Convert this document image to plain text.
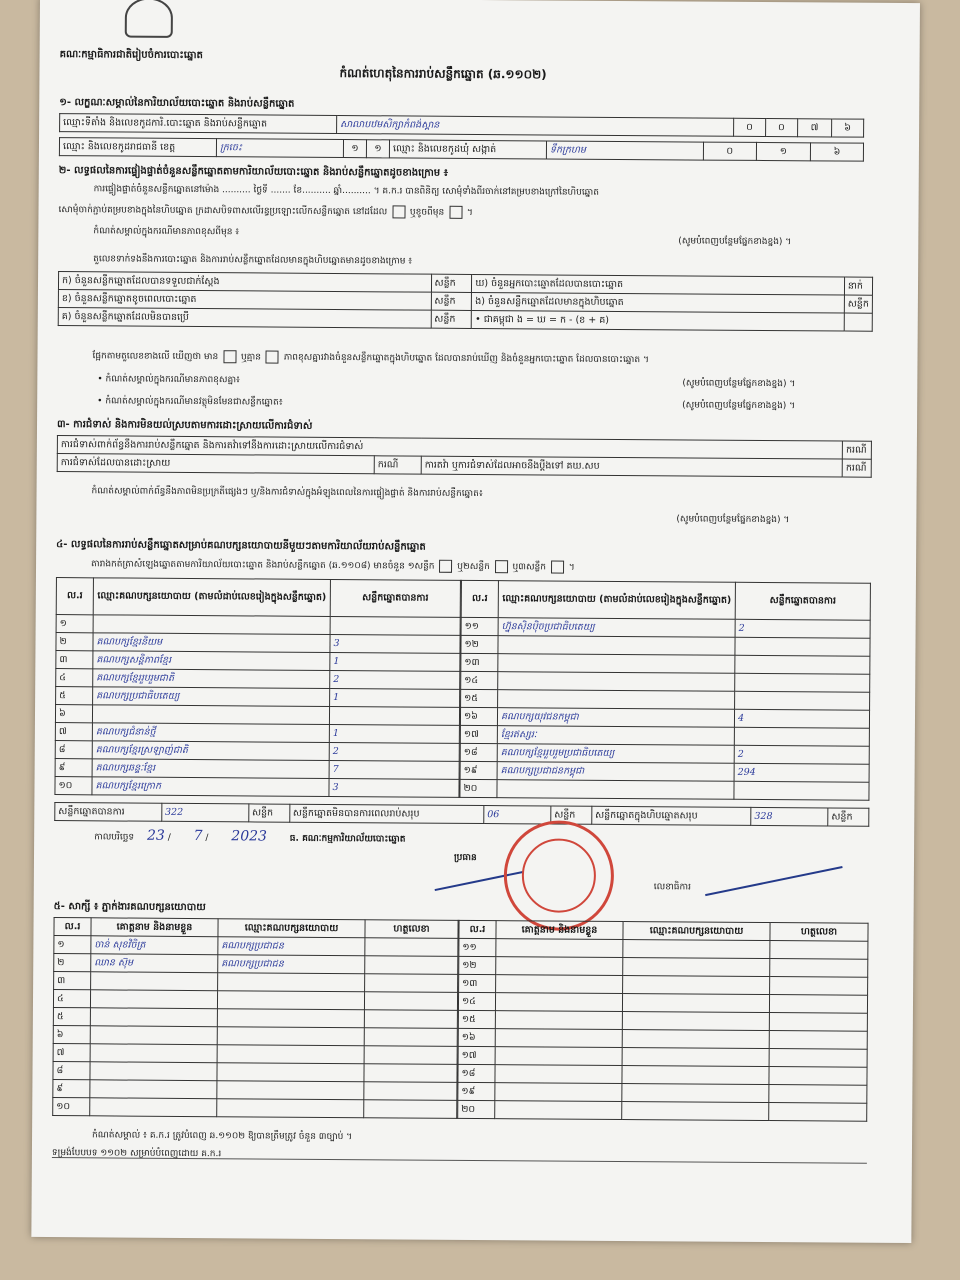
គណៈកម្មាធិការជាតិរៀបចំការបោះឆ្នោត
កំណត់ហេតុនៃការរាប់សន្លឹកឆ្នោត (ឆ.១១០២)
១- លក្ខណៈសម្គាល់នៃការិយាល័យបោះឆ្នោត និងរាប់សន្លឹកឆ្នោត
ឈ្មោះទីតាំង និងលេខកូដការិ.បោះឆ្នោត និងរាប់សន្លឹកឆ្នោត	សាលាបឋមសិក្សាកំពង់ស្ពាន	០	០	៧	៦
ឈ្មោះ និងលេខកូដរាជធានី ខេត្ត	ក្រចេះ	១	១	ឈ្មោះ និងលេខកូដឃុំ សង្កាត់	ទឹកក្រហម	០	១	៦
២- លទ្ធផលនៃការផ្ទៀងផ្ទាត់ចំនួនសន្លឹកឆ្នោតតាមការិយាល័យបោះឆ្នោត និងរាប់សន្លឹកឆ្នោតដូចខាងក្រោម ៖
ការផ្ទៀងផ្ទាត់ចំនួនសន្លឹកឆ្នោតនៅម៉ោង .......... ថ្ងៃទី ....... ខែ.......... ឆ្នាំ.......... ។ គ.ក.រ បានពិនិត្យ សោមុំទាំងពីរចាក់នៅគម្របខាងក្រៅនៃហិបឆ្នោត
សោមុំចាក់ភ្ជាប់គម្របខាងក្នុងនៃហិបឆ្នោត ក្រដាសបិទពាសលើរន្ធប្រឡោះលើកសន្លឹកឆ្នោត នៅដដែល	ឬខូចពីមុន  ។
កំណត់សម្គាល់ក្នុងករណីមានភាពខុសពីមុន ៖
(សូមបំពេញបន្ថែមផ្នែកខាងខ្នង) ។
តួលេខទាក់ទងនឹងការបោះឆ្នោត និងការរាប់សន្លឹកឆ្នោតដែលមានក្នុងហិបឆ្នោតមានដូចខាងក្រោម ៖
ក) ចំនួនសន្លឹកឆ្នោតដែលបានទទួលជាក់ស្តែង	សន្លឹក	ឃ) ចំនួនអ្នកបោះឆ្នោតដែលបានបោះឆ្នោត	នាក់
ខ) ចំនួនសន្លឹកឆ្នោតខូចពេលបោះឆ្នោត	សន្លឹក	ង) ចំនួនសន្លឹកឆ្នោតដែលមានក្នុងហិបឆ្នោត	សន្លឹក
គ) ចំនួនសន្លឹកឆ្នោតដែលមិនបានប្រើ	សន្លឹក	• ជាគម្ពុជា ង = ឃ = ក - (ខ + គ)	
ផ្អែកតាមតួលេខខាងលើ ឃើញថា មាន	ឬគ្មាន	ភាពខុសគ្នារវាងចំនួនសន្លឹកឆ្នោតក្នុងហិបឆ្នោត ដែលបានរាប់ឃើញ និងចំនួនអ្នកបោះឆ្នោត ដែលបានបោះឆ្នោត ។
• កំណត់សម្គាល់ក្នុងករណីមានភាពខុសគ្នា៖	(សូមបំពេញបន្ថែមផ្នែកខាងខ្នង) ។
• កំណត់សម្គាល់ក្នុងករណីមានវត្ថុមិនមែនជាសន្លឹកឆ្នោត៖	(សូមបំពេញបន្ថែមផ្នែកខាងខ្នង) ។
៣- ការជំទាស់ និងការមិនយល់ស្របតាមការដោះស្រាយលើការជំទាស់
ការជំទាស់ពាក់ព័ន្ធនឹងការរាប់សន្លឹកឆ្នោត និងការតវ៉ាទៅនឹងការដោះស្រាយលើការជំទាស់			ករណី
ការជំទាស់ដែលបានដោះស្រាយ	ករណី	ការតវ៉ា ឬការជំទាស់ដែលអាចនឹងប្តឹងទៅ គឃ.សប	ករណី
កំណត់សម្គាល់ពាក់ព័ន្ធនឹងភាពមិនប្រក្រតីផ្សេងៗ ឬ/និងការជំទាស់ក្នុងអំឡុងពេលនៃការផ្ទៀងផ្ទាត់ និងការរាប់សន្លឹកឆ្នោត៖
(សូមបំពេញបន្ថែមផ្នែកខាងខ្នង) ។
៤- លទ្ធផលនៃការរាប់សន្លឹកឆ្នោតសម្រាប់គណបក្សនយោបាយនីមួយៗតាមការិយាល័យរាប់សន្លឹកឆ្នោត
តារាងកត់ត្រាសំឡេងឆ្នោតតាមការិយាល័យបោះឆ្នោត និងរាប់សន្លឹកឆ្នោត (ឆ.១១០៨) មានចំនួន ១សន្លឹក	ឬ២សន្លឹក	ឬ៣សន្លឹក  ។
ល.រ	ឈ្មោះគណបក្សនយោបាយ (តាមលំដាប់លេខរៀងក្នុងសន្លឹកឆ្នោត)	សន្លឹកឆ្នោតបានការ
១		
២	គណបក្សខ្មែរនិយម	3
៣	គណបក្សសន្តិភាពខ្មែរ	1
៤	គណបក្សខ្មែររួបរួមជាតិ	2
៥	គណបក្សប្រជាធិបតេយ្យ	1
៦		
៧	គណបក្សជំនាន់ថ្មី	1
៨	គណបក្សខ្មែរស្រឡាញ់ជាតិ	2
៩	គណបក្សឆន្ទៈខ្មែរ	7
១០	គណបក្សខ្មែរក្រោក	3
ល.រ	ឈ្មោះគណបក្សនយោបាយ (តាមលំដាប់លេខរៀងក្នុងសន្លឹកឆ្នោត)	សន្លឹកឆ្នោតបានការ
១១	ហ្វ៊ុនស៊ិនប៉ិចប្រជាធិបតេយ្យ	2
១២		
១៣		
១៤		
១៥		
១៦	គណបក្សយុវជនកម្ពុជា	4
១៧	ខ្មែរឥស្សរៈ	
១៨	គណបក្សខ្មែររួបរួមប្រជាធិបតេយ្យ	2
១៩	គណបក្សប្រជាជនកម្ពុជា	294
២០		
សន្លឹកឆ្នោតបានការ	322	សន្លឹក	សន្លឹកឆ្នោតមិនបានការពេលរាប់សរុប	06	សន្លឹក	សន្លឹកឆ្នោតក្នុងហិបឆ្នោតសរុប	328	សន្លឹក
កាលបរិច្ឆេទ 23 / 7 / 2023	ធ. គណៈកម្មការិយាល័យបោះឆ្នោត
ប្រធាន
លេខាធិការ
៥- សាក្សី ៖ ភ្នាក់ងារគណបក្សនយោបាយ
ល.រ	គោត្តនាម និងនាមខ្លួន	ឈ្មោះគណបក្សនយោបាយ	ហត្ថលេខា
១	ចាន់ សុខវិចិត្រ	គណបក្សប្រជាជន	
២	ឈាន ស៊ុម	គណបក្សប្រជាជន	
៣			
៤			
៥			
៦			
៧			
៨			
៩			
១០			
ល.រ	គោត្តនាម និងនាមខ្លួន	ឈ្មោះគណបក្សនយោបាយ	ហត្ថលេខា
១១			
១២			
១៣			
១៤			
១៥			
១៦			
១៧			
១៨			
១៩			
២០			
កំណត់សម្គាល់ ៖ គ.ក.រ ត្រូវបំពេញ ឆ.១១០២ ឱ្យបានត្រឹមត្រូវ ចំនួន ៣ច្បាប់ ។
ទម្រង់បែបបទ ១១០២ សម្រាប់បំពេញដោយ គ.ក.រ
